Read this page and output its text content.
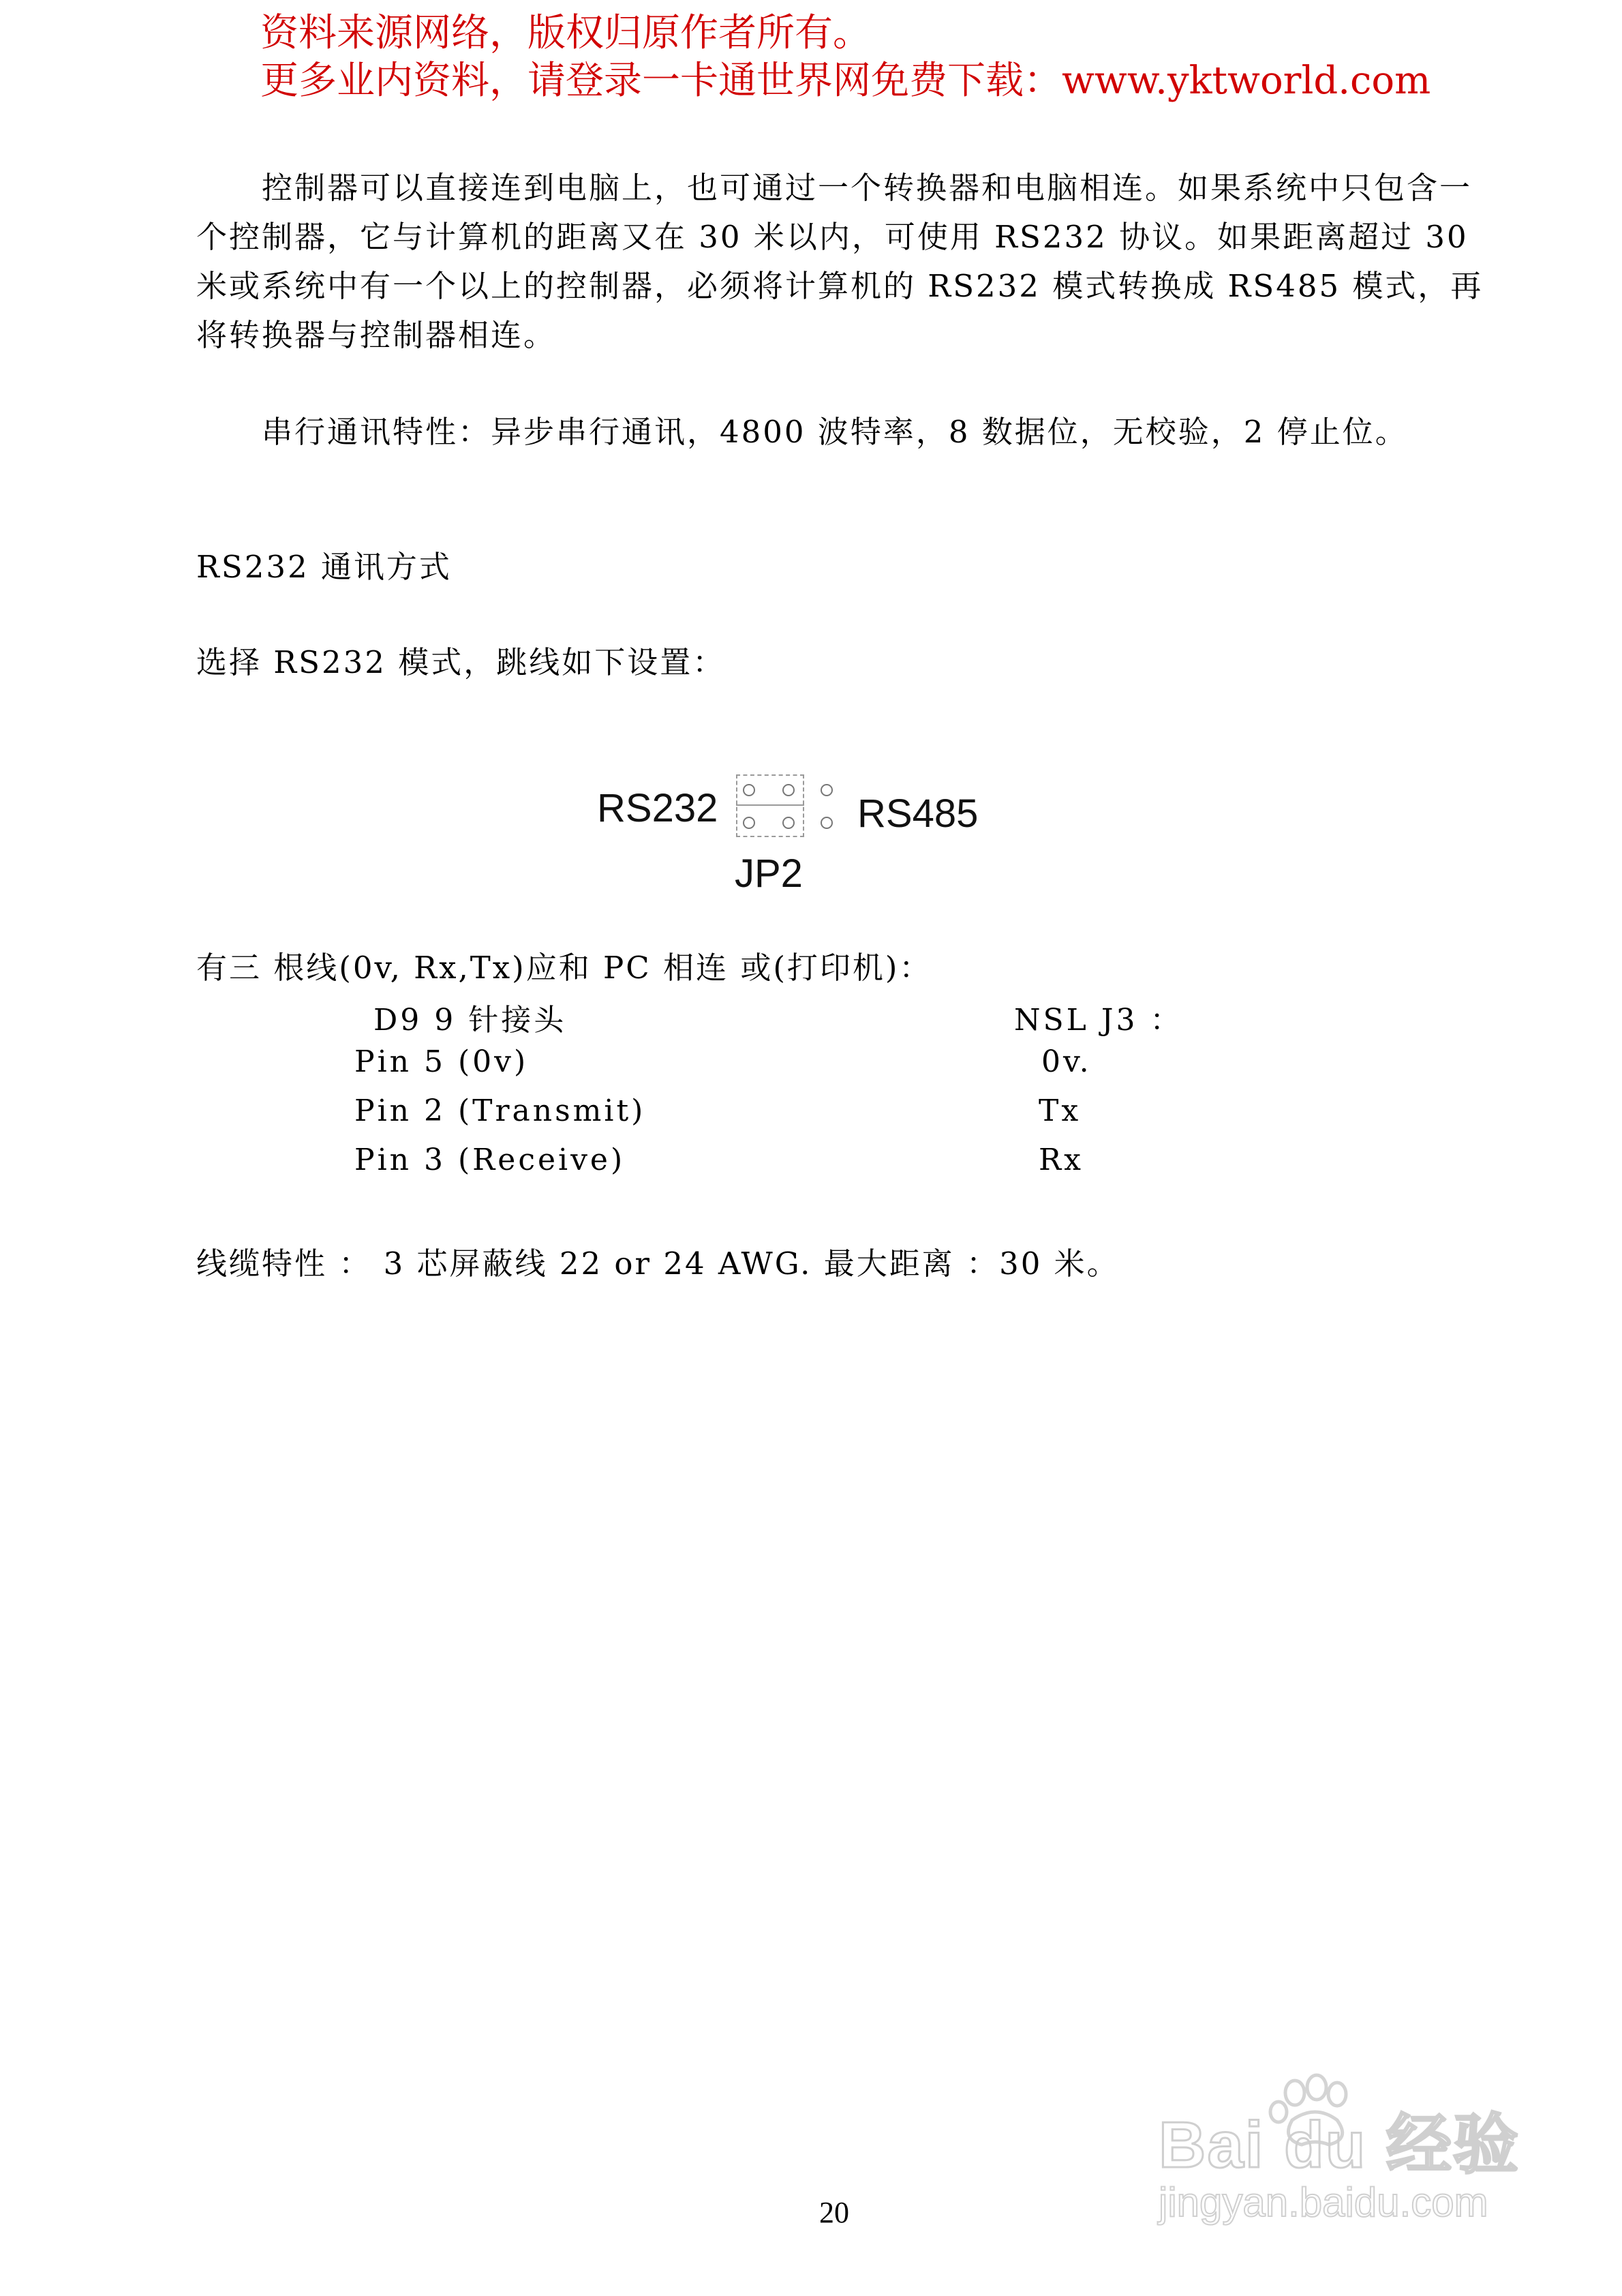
资料来源网络，版权归原作者所有。
更多业内资料，请登录一卡通世界网免费下载：www.yktworld.com
控制器可以直接连到电脑上，也可通过一个转换器和电脑相连。如果系统中只包含一
个控制器，它与计算机的距离又在 30 米以内，可使用 RS232 协议。如果距离超过 30
米或系统中有一个以上的控制器，必须将计算机的 RS232 模式转换成 RS485 模式，再
将转换器与控制器相连。
串行通讯特性：异步串行通讯，4800 波特率，8 数据位，无校验，2 停止位。
RS232 通讯方式
选择 RS232 模式，跳线如下设置：
RS232	RS485
JP2
有三 根线(0v, Rx,Tx)应和 PC 相连 或(打印机)：
D9 9 针接头	NSL J3 ：
Pin 5 (0v)	0v.
Pin 2 (Transmit)	Tx
Pin 3 (Receive)	Rx
线缆特性 ： 3 芯屏蔽线 22 or 24 AWG. 最大距离 ：30 米。
20
Bai du 经验
jingyan.baidu.com
